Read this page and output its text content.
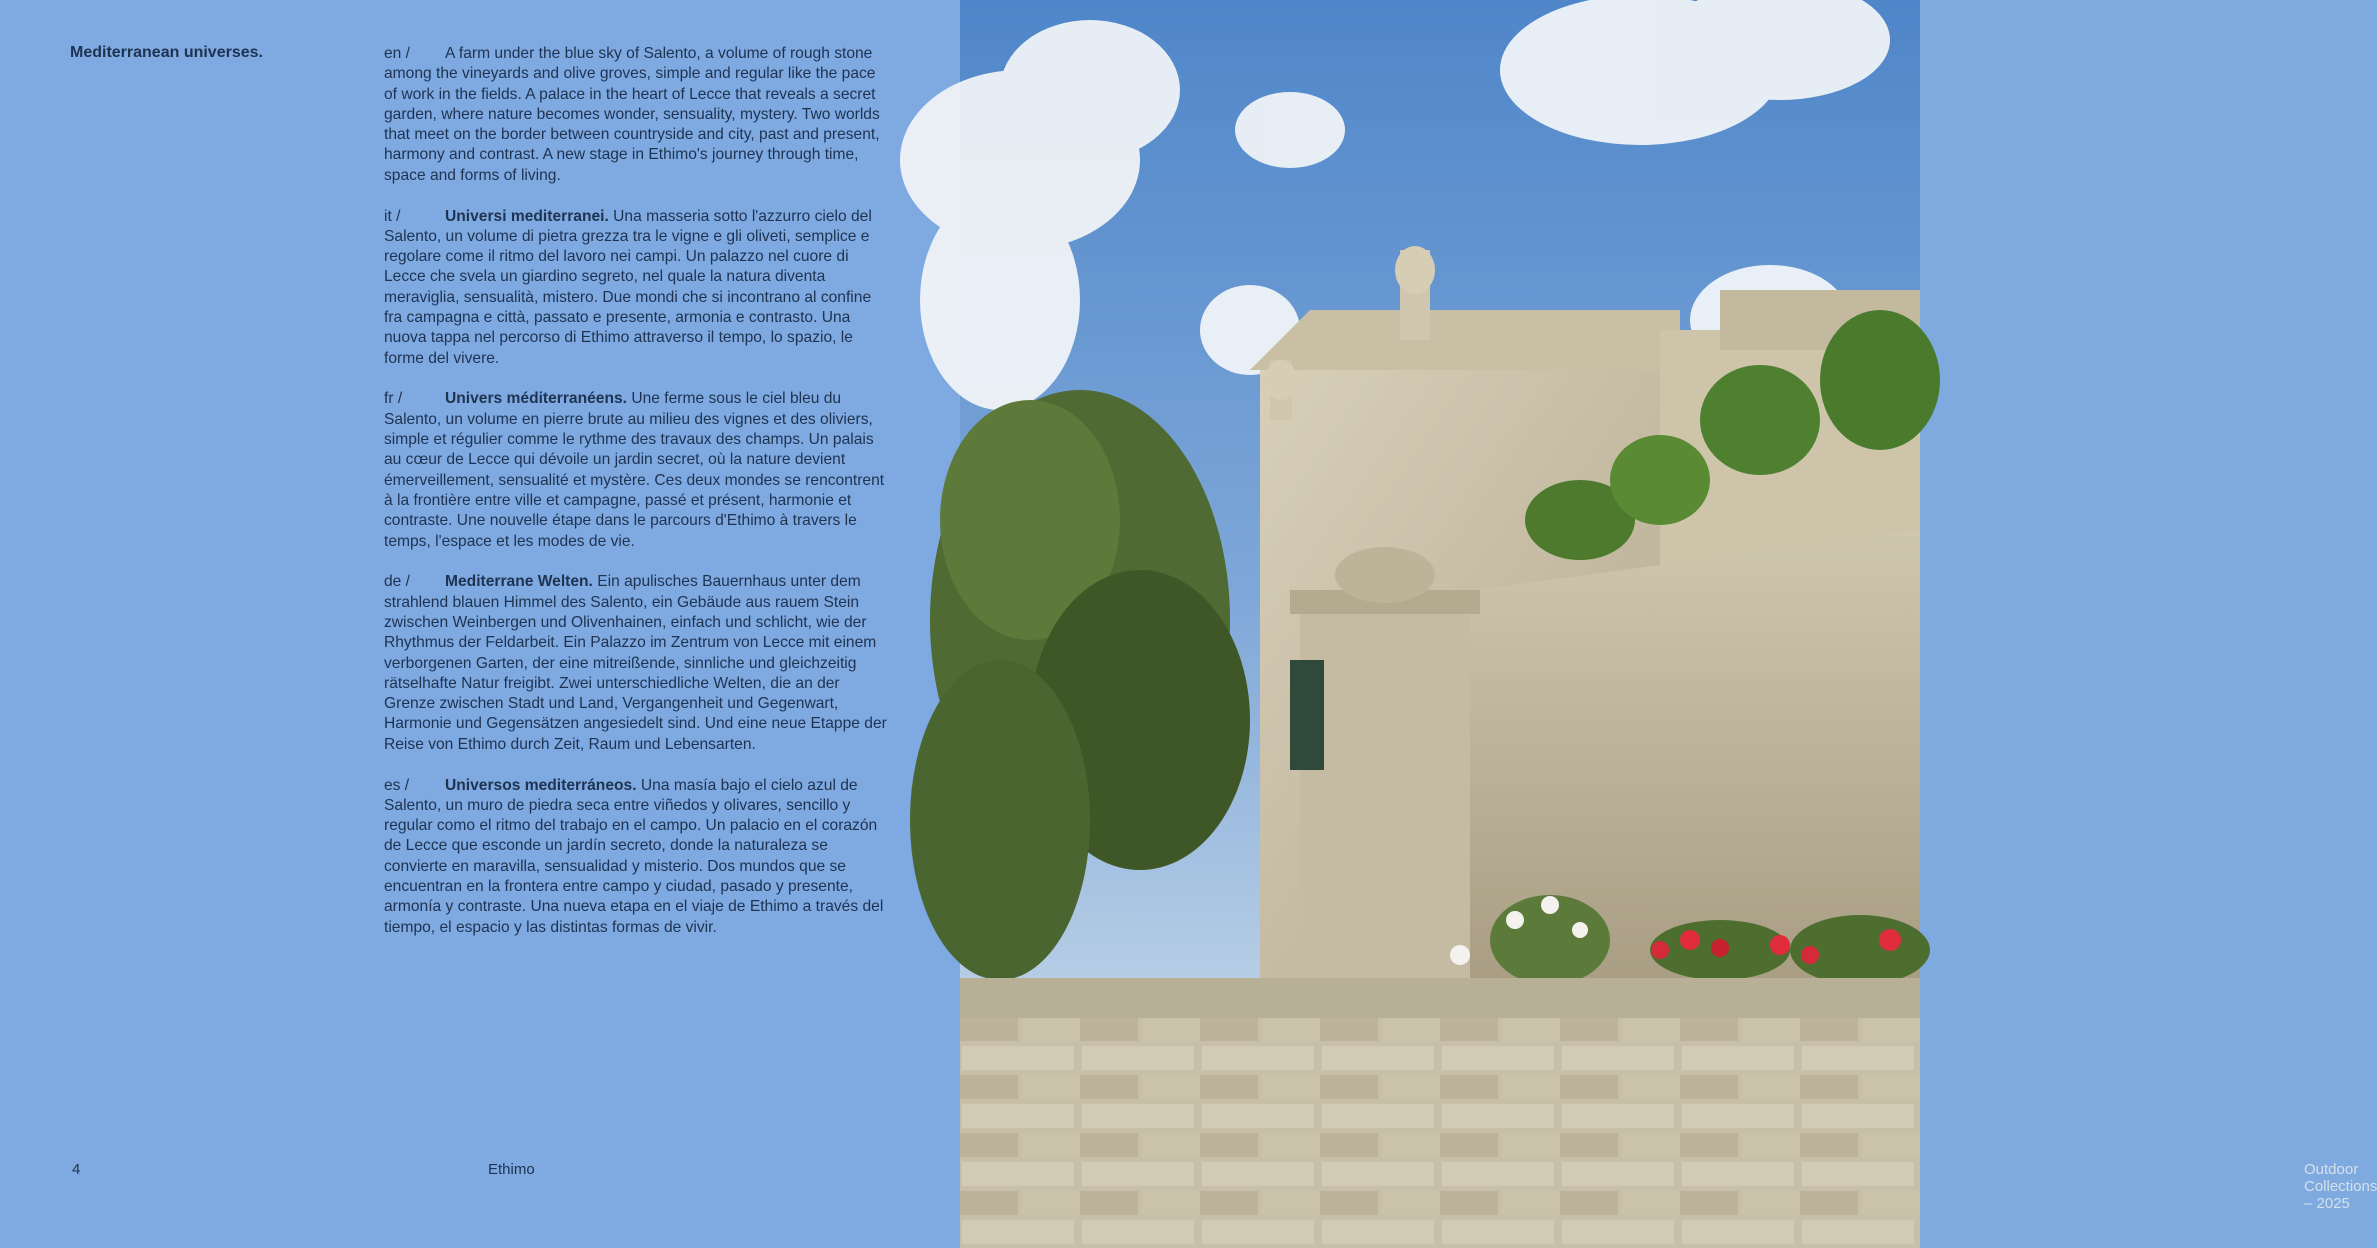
Mediterranean universes.	en / A farm under the blue sky of Salento, a volume of rough stone among the vineyards and olive groves, simple and regular like the pace of work in the fields. A palace in the heart of Lecce that reveals a secret garden, where nature becomes wonder, sensuality, mystery. Two worlds that meet on the border between countryside and city, past and present, harmony and contrast. A new stage in Ethimo's journey through time, space and forms of living.

it /	Universi mediterranei. Una masseria sotto l'azzurro cielo del Salento, un volume di pietra grezza tra le vigne e gli oliveti, semplice e regolare come il ritmo del lavoro nei campi. Un palazzo nel cuore di Lecce che svela un giardino segreto, nel quale la natura diventa meraviglia, sensualità, mistero. Due mondi che si incontrano al confine fra campagna e città, passato e presente, armonia e contrasto. Una nuova tappa nel percorso di Ethimo attraverso il tempo, lo spazio, le forme del vivere.

fr /	Univers méditerranéens. Une ferme sous le ciel bleu du Salento, un volume en pierre brute au milieu des vignes et des oliviers, simple et régulier comme le rythme des travaux des champs. Un palais au cœur de Lecce qui dévoile un jardin secret, où la nature devient émerveillement, sensualité et mystère. Ces deux mondes se rencontrent à la frontière entre ville et campagne, passé et présent, harmonie et contraste. Une nouvelle étape dans le parcours d'Ethimo à travers le temps, l'espace et les modes de vie.

de / Mediterrane Welten. Ein apulisches Bauernhaus unter dem strahlend blauen Himmel des Salento, ein Gebäude aus rauem Stein zwischen Weinbergen und Olivenhainen, einfach und schlicht, wie der Rhythmus der Feldarbeit. Ein Palazzo im Zentrum von Lecce mit einem verborgenen Garten, der eine mitreißende, sinnliche und gleichzeitig rätselhafte Natur freigibt. Zwei unterschiedliche Welten, die an der Grenze zwischen Stadt und Land, Vergangenheit und Gegenwart, Harmonie und Gegensätzen angesiedelt sind. Und eine neue Etappe der Reise von Ethimo durch Zeit, Raum und Lebensarten.

es / Universos mediterráneos. Una masía bajo el cielo azul de Salento, un muro de piedra seca entre viñedos y olivares, sencillo y regular como el ritmo del trabajo en el campo. Un palacio en el corazón de Lecce que esconde un jardín secreto, donde la naturaleza se convierte en maravilla, sensualidad y misterio. Dos mundos que se encuentran en la frontera entre campo y ciudad, pasado y presente, armonía y contraste. Una nueva etapa en el viaje de Ethimo a través del tiempo, el espacio y las distintas formas de vivir.

4	Ethimo	Outdoor Collections – 2025
